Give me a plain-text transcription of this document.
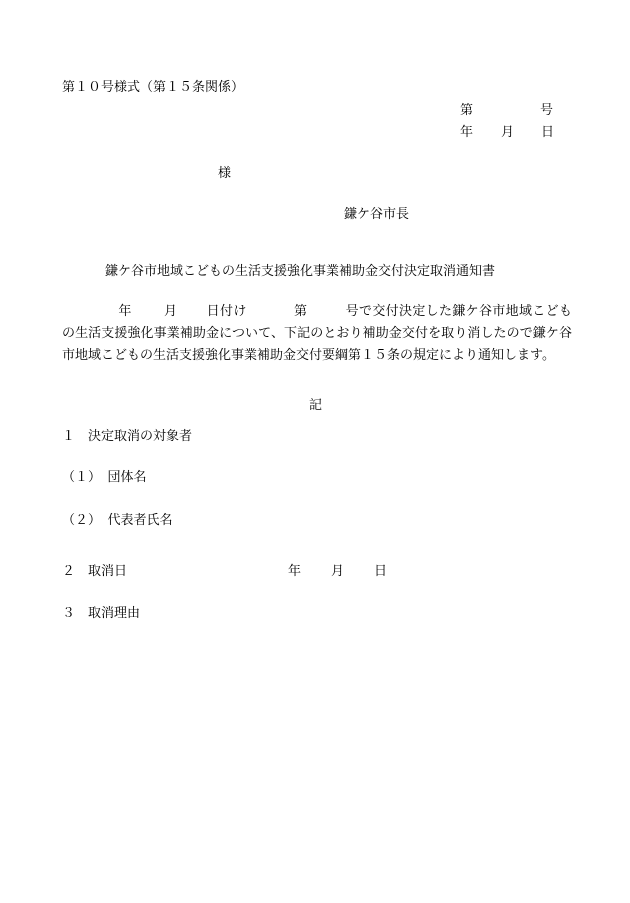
第１０号様式（第１５条関係）
第	号
年 月 日
様
鎌ケ谷市長
鎌ケ谷市地域こどもの生活支援強化事業補助金交付決定取消通知書
年 月 日付け	第	号で交付決定した鎌ケ谷市地域こどもの生活支援強化事業補助金について、下記のとおり補助金交付を取り消したので鎌ケ谷市地域こどもの生活支援強化事業補助金交付要綱第１５条の規定により通知します。
記
１　決定取消の対象者
（１）　団体名
（２）　代表者氏名
２　取消日	年 月 日
３　取消理由
